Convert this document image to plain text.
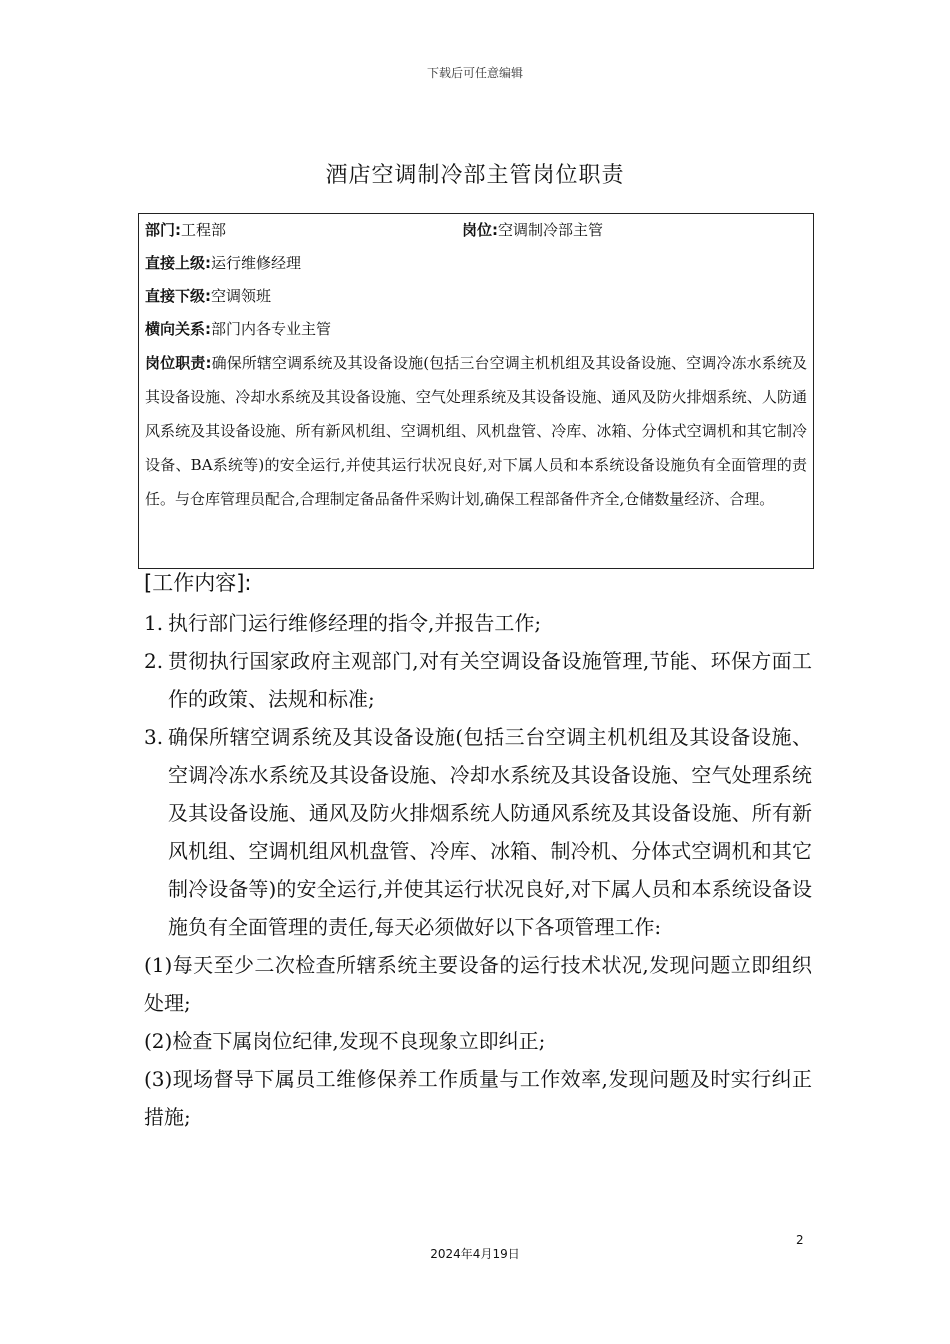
下载后可任意编辑
酒店空调制冷部主管岗位职责
部门:工程部	岗位:空调制冷部主管
直接上级:运行维修经理
直接下级:空调领班
横向关系:部门内各专业主管
岗位职责:确保所辖空调系统及其设备设施(包括三台空调主机机组及其设备设施、空调冷冻水系统及其设备设施、冷却水系统及其设备设施、空气处理系统及其设备设施、通风及防火排烟系统、人防通风系统及其设备设施、所有新风机组、空调机组、风机盘管、冷库、冰箱、分体式空调机和其它制冷设备、BA系统等)的安全运行,并使其运行状况良好,对下属人员和本系统设备设施负有全面管理的责任。与仓库管理员配合,合理制定备品备件采购计划,确保工程部备件齐全,仓储数量经济、合理。
[工作内容]:
1. 执行部门运行维修经理的指令,并报告工作;
2. 贯彻执行国家政府主观部门,对有关空调设备设施管理,节能、环保方面工作的政策、法规和标准;
3. 确保所辖空调系统及其设备设施(包括三台空调主机机组及其设备设施、空调冷冻水系统及其设备设施、冷却水系统及其设备设施、空气处理系统及其设备设施、通风及防火排烟系统人防通风系统及其设备设施、所有新风机组、空调机组风机盘管、冷库、冰箱、制冷机、分体式空调机和其它制冷设备等)的安全运行,并使其运行状况良好,对下属人员和本系统设备设施负有全面管理的责任,每天必须做好以下各项管理工作:
(1)每天至少二次检查所辖系统主要设备的运行技术状况,发现问题立即组织处理;
(2)检查下属岗位纪律,发现不良现象立即纠正;
(3)现场督导下属员工维修保养工作质量与工作效率,发现问题及时实行纠正措施;
2
2024年4月19日
